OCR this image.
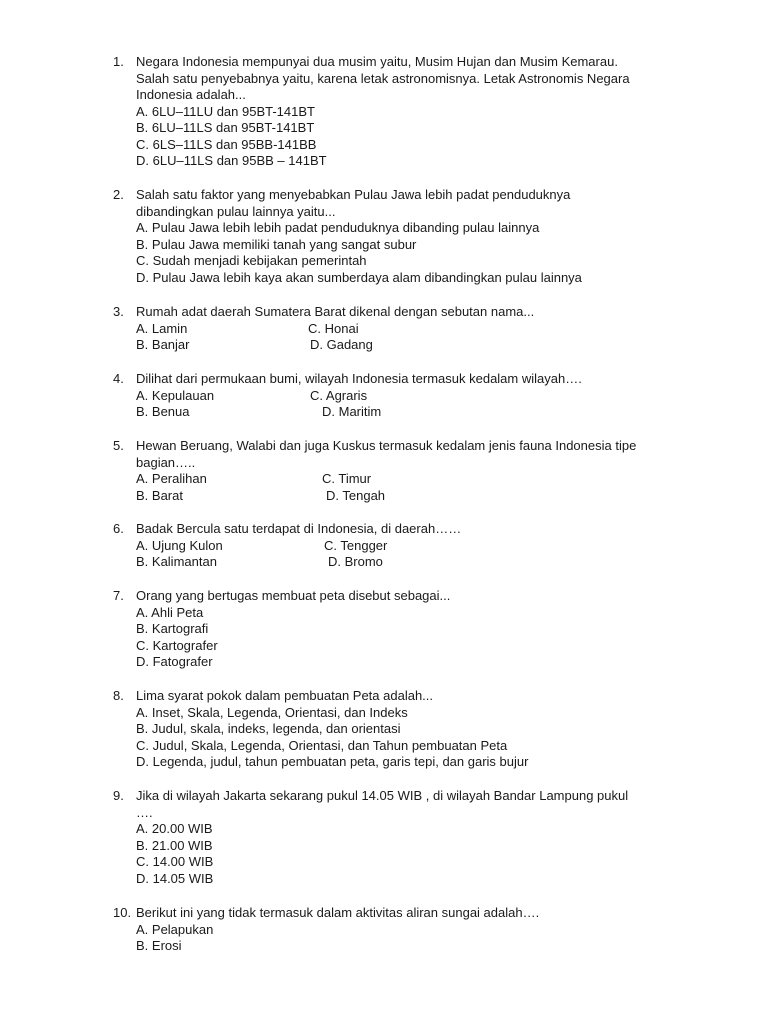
1. Negara Indonesia mempunyai dua musim yaitu, Musim Hujan dan Musim Kemarau.
Salah satu penyebabnya yaitu, karena letak astronomisnya. Letak Astronomis Negara
Indonesia adalah...
A. 6LU–11LU dan 95BT-141BT
B. 6LU–11LS dan 95BT-141BT
C. 6LS–11LS dan 95BB-141BB
D. 6LU–11LS dan 95BB – 141BT
2. Salah satu faktor yang menyebabkan Pulau Jawa lebih padat penduduknya
dibandingkan pulau lainnya yaitu...
A. Pulau Jawa lebih lebih padat penduduknya dibanding pulau lainnya
B. Pulau Jawa memiliki tanah yang sangat subur
C. Sudah menjadi kebijakan pemerintah
D. Pulau Jawa lebih kaya akan sumberdaya alam dibandingkan pulau lainnya
3. Rumah adat daerah Sumatera Barat dikenal dengan sebutan nama...
A. Lamin	C. Honai
B. Banjar	D. Gadang
4. Dilihat dari permukaan bumi, wilayah Indonesia termasuk kedalam wilayah….
A. Kepulauan	C. Agraris
B. Benua	D. Maritim
5. Hewan Beruang, Walabi dan juga Kuskus termasuk kedalam jenis fauna Indonesia tipe
bagian…..
A. Peralihan	C. Timur
B. Barat	D. Tengah
6. Badak Bercula satu terdapat di Indonesia, di daerah……
A. Ujung Kulon	C. Tengger
B. Kalimantan	D. Bromo
7. Orang yang bertugas membuat peta disebut sebagai...
A. Ahli Peta
B. Kartografi
C. Kartografer
D. Fatografer
8. Lima syarat pokok dalam pembuatan Peta adalah...
A. Inset, Skala, Legenda, Orientasi, dan Indeks
B. Judul, skala, indeks, legenda, dan orientasi
C. Judul, Skala, Legenda, Orientasi, dan Tahun pembuatan Peta
D. Legenda, judul, tahun pembuatan peta, garis tepi, dan garis bujur
9. Jika di wilayah Jakarta sekarang pukul 14.05 WIB , di wilayah Bandar Lampung pukul
….
A. 20.00 WIB
B. 21.00 WIB
C. 14.00 WIB
D. 14.05 WIB
10. Berikut ini yang tidak termasuk dalam aktivitas aliran sungai adalah….
A. Pelapukan
B. Erosi
